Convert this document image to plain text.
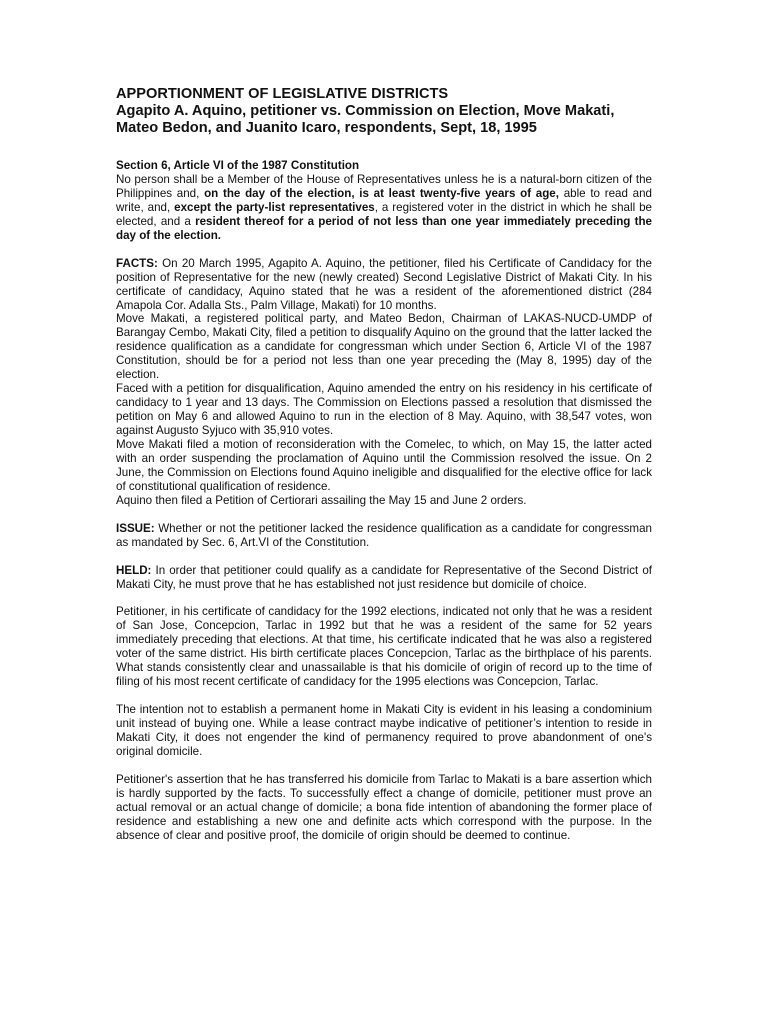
APPORTIONMENT OF LEGISLATIVE DISTRICTS
Agapito A. Aquino, petitioner vs. Commission on Election, Move Makati, Mateo Bedon, and Juanito Icaro, respondents, Sept, 18, 1995
Section 6, Article VI of the 1987 Constitution

No person shall be a Member of the House of Representatives unless he is a natural-born citizen of the Philippines and, on the day of the election, is at least twenty-five years of age, able to read and write, and, except the party-list representatives, a registered voter in the district in which he shall be elected, and a resident thereof for a period of not less than one year immediately preceding the day of the election.

FACTS: On 20 March 1995, Agapito A. Aquino, the petitioner, filed his Certificate of Candidacy for the position of Representative for the new (newly created) Second Legislative District of Makati City. In his certificate of candidacy, Aquino stated that he was a resident of the aforementioned district (284 Amapola Cor. Adalla Sts., Palm Village, Makati) for 10 months.

Move Makati, a registered political party, and Mateo Bedon, Chairman of LAKAS-NUCD-UMDP of Barangay Cembo, Makati City, filed a petition to disqualify Aquino on the ground that the latter lacked the residence qualification as a candidate for congressman which under Section 6, Article VI of the 1987 Constitution, should be for a period not less than one year preceding the (May 8, 1995) day of the election.

Faced with a petition for disqualification, Aquino amended the entry on his residency in his certificate of candidacy to 1 year and 13 days. The Commission on Elections passed a resolution that dismissed the petition on May 6 and allowed Aquino to run in the election of 8 May. Aquino, with 38,547 votes, won against Augusto Syjuco with 35,910 votes.

Move Makati filed a motion of reconsideration with the Comelec, to which, on May 15, the latter acted with an order suspending the proclamation of Aquino until the Commission resolved the issue. On 2 June, the Commission on Elections found Aquino ineligible and disqualified for the elective office for lack of constitutional qualification of residence.

Aquino then filed a Petition of Certiorari assailing the May 15 and June 2 orders.

ISSUE: Whether or not the petitioner lacked the residence qualification as a candidate for congressman as mandated by Sec. 6, Art.VI of the Constitution.

HELD: In order that petitioner could qualify as a candidate for Representative of the Second District of Makati City, he must prove that he has established not just residence but domicile of choice.

Petitioner, in his certificate of candidacy for the 1992 elections, indicated not only that he was a resident of San Jose, Concepcion, Tarlac in 1992 but that he was a resident of the same for 52 years immediately preceding that elections. At that time, his certificate indicated that he was also a registered voter of the same district. His birth certificate places Concepcion, Tarlac as the birthplace of his parents. What stands consistently clear and unassailable is that his domicile of origin of record up to the time of filing of his most recent certificate of candidacy for the 1995 elections was Concepcion, Tarlac.

The intention not to establish a permanent home in Makati City is evident in his leasing a condominium unit instead of buying one. While a lease contract maybe indicative of petitioner’s intention to reside in Makati City, it does not engender the kind of permanency required to prove abandonment of one's original domicile.

Petitioner's assertion that he has transferred his domicile from Tarlac to Makati is a bare assertion which is hardly supported by the facts. To successfully effect a change of domicile, petitioner must prove an actual removal or an actual change of domicile; a bona fide intention of abandoning the former place of residence and establishing a new one and definite acts which correspond with the purpose. In the absence of clear and positive proof, the domicile of origin should be deemed to continue.
